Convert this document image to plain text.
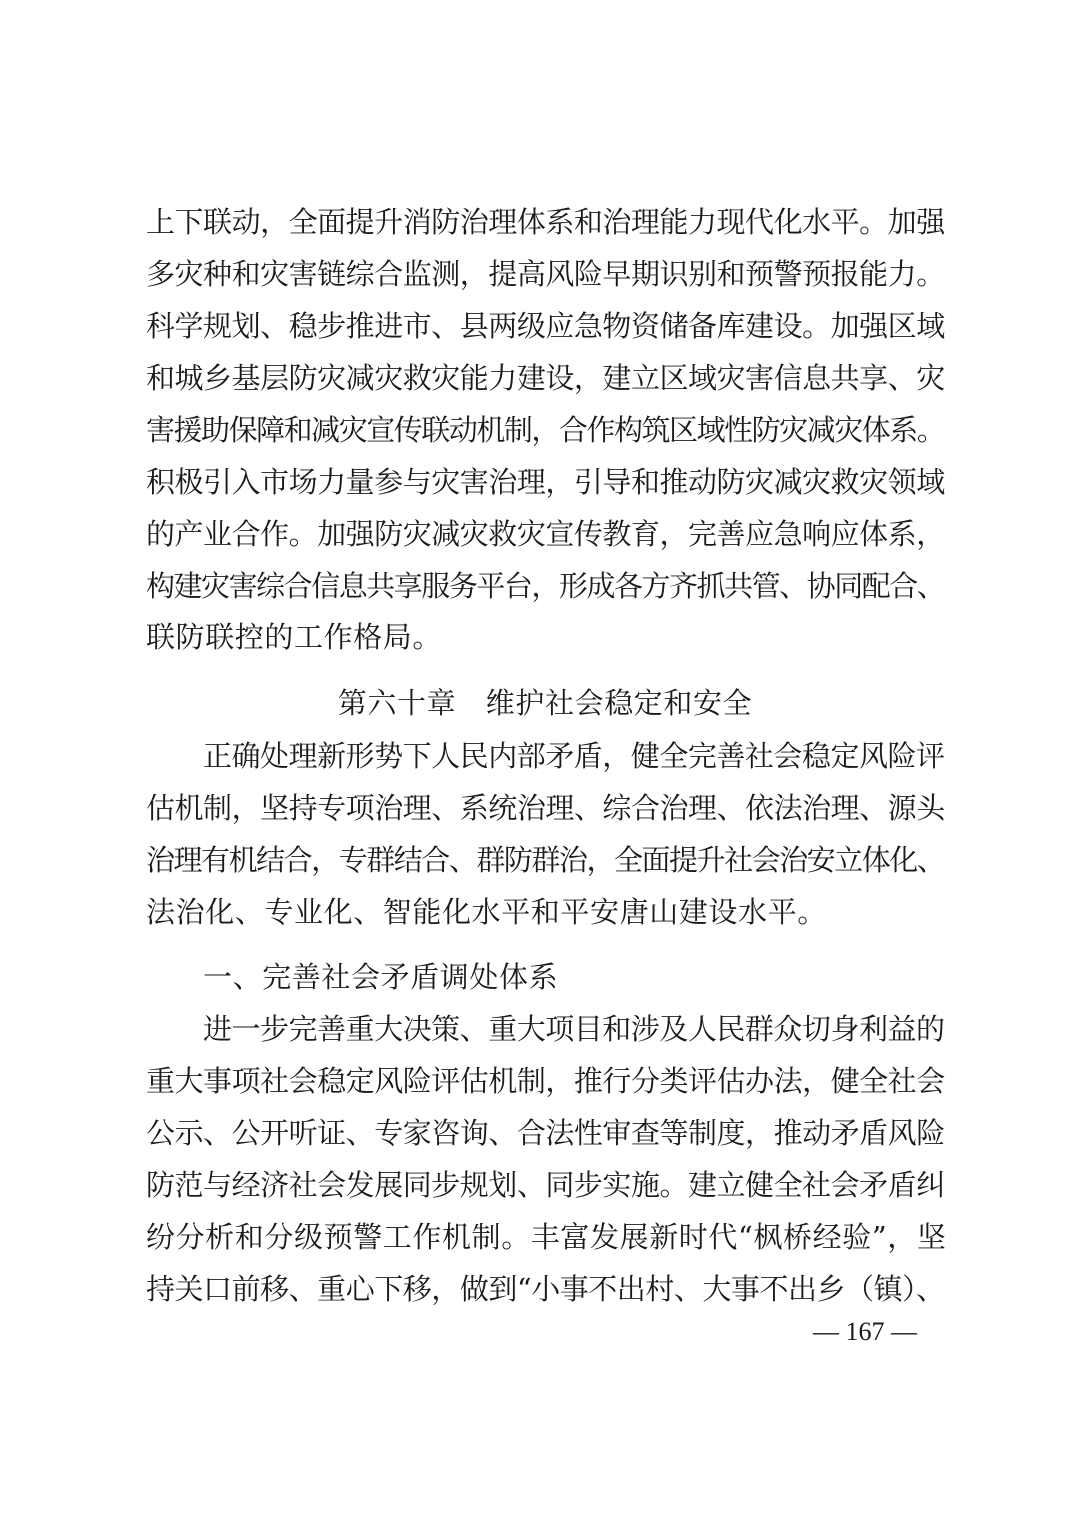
上下联动，全面提升消防治理体系和治理能力现代化水平。加强
多灾种和灾害链综合监测，提高风险早期识别和预警预报能力。
科学规划、稳步推进市、县两级应急物资储备库建设。加强区域
和城乡基层防灾减灾救灾能力建设，建立区域灾害信息共享、灾
害援助保障和减灾宣传联动机制，合作构筑区域性防灾减灾体系。
积极引入市场力量参与灾害治理，引导和推动防灾减灾救灾领域
的产业合作。加强防灾减灾救灾宣传教育，完善应急响应体系，
构建灾害综合信息共享服务平台，形成各方齐抓共管、协同配合、
联防联控的工作格局。
第六十章　维护社会稳定和安全
正确处理新形势下人民内部矛盾，健全完善社会稳定风险评
估机制，坚持专项治理、系统治理、综合治理、依法治理、源头
治理有机结合，专群结合、群防群治，全面提升社会治安立体化、
法治化、专业化、智能化水平和平安唐山建设水平。
一、完善社会矛盾调处体系
进一步完善重大决策、重大项目和涉及人民群众切身利益的
重大事项社会稳定风险评估机制，推行分类评估办法，健全社会
公示、公开听证、专家咨询、合法性审查等制度，推动矛盾风险
防范与经济社会发展同步规划、同步实施。建立健全社会矛盾纠
纷分析和分级预警工作机制。丰富发展新时代“枫桥经验”，坚
持关口前移、重心下移，做到“小事不出村、大事不出乡（镇）、
— 167 —
